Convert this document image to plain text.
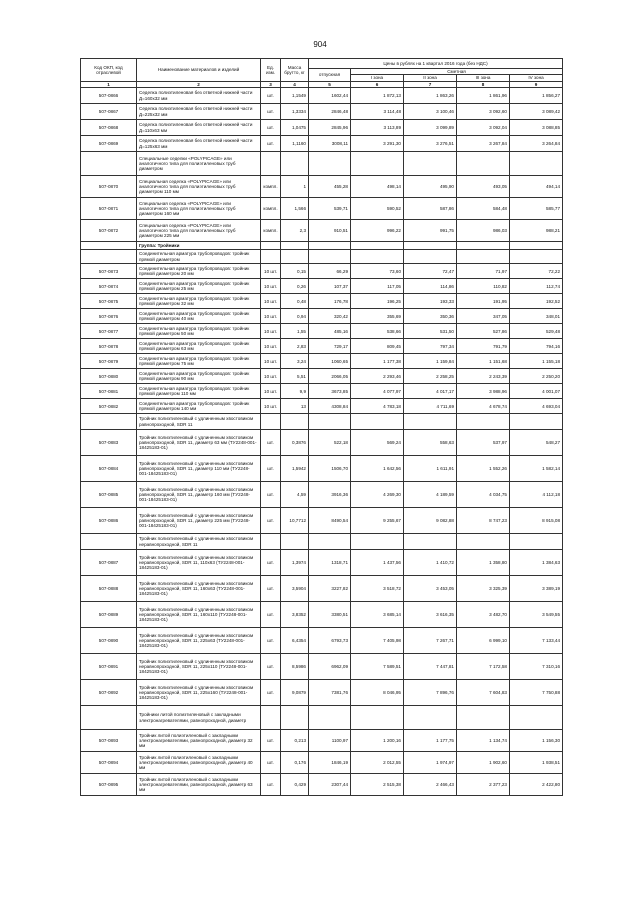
904
Код ОКП, код отраслевой	Наименование материалов и изделий	Ед. изм.	Масса брутто, кг	Цены в рублях на 1 квартал 2016 года (без НДС)				
				отпускная	Сметная			
					I зона	II зона	III зона	IV зона
1	2	3	4	5	6	7	8	9
507-0866	Седелка полиэтиленовая без ответной нижней части Д=160х32 мм	шт.	1,1549	1602,44	1 872,13	1 863,26	1 861,96	1 856,27
507-0867	Седелка полиэтиленовая без ответной нижней части Д=225х32 мм	шт.	1,3334	2846,48	3 114,48	3 100,46	3 092,60	3 089,42
507-0868	Седелка полиэтиленовая без ответной нижней части Д=110х63 мм	шт.	1,0475	2845,96	3 113,89	3 099,89	3 092,04	3 088,85
507-0869	Седелка полиэтиленовая без ответной нижней части Д=125х63 мм	шт.	1,1160	3008,11	3 291,30	3 276,51	3 267,84	3 264,84
	Специальные седелки «POLYPICAGE» или аналогичного типа для полиэтиленовых труб диаметром							
507-0870	Специальная седелка «POLYPICAGE» или аналогичного типа для полиэтиленовых труб диаметром 110 мм	компл.	1	455,28	498,14	495,90	493,05	494,14
507-0871	Специальная седелка «POLYPICAGE» или аналогичного типа для полиэтиленовых труб диаметром 160 мм	компл.	1,566	539,71	590,52	587,86	584,48	585,77
507-0872	Специальная седелка «POLYPICAGE» или аналогичного типа для полиэтиленовых труб диаметром 225 мм	компл.	2,3	910,51	996,22	991,75	986,03	988,21
	Группа: Тройники							
	Соединительная арматура трубопроводов: тройник прямой диаметром							
507-0873	Соединительная арматура трубопроводов: тройник прямой диаметром 20 мм	10 шт.	0,15	66,29	73,60	72,47	71,97	72,22
507-0874	Соединительная арматура трубопроводов: тройник прямой диаметром 25 мм	10 шт.	0,26	107,37	117,05	114,86	110,82	112,74
507-0875	Соединительная арматура трубопроводов: тройник прямой диаметром 32 мм	10 шт.	0,48	176,78	196,25	193,33	191,95	192,52
507-0876	Соединительная арматура трубопроводов: тройник прямой диаметром 40 мм	10 шт.	0,94	320,42	355,69	350,36	347,05	348,01
507-0877	Соединительная арматура трубопроводов: тройник прямой диаметром 50 мм	10 шт.	1,55	485,16	538,66	531,50	527,86	529,48
507-0878	Соединительная арматура трубопроводов: тройник прямой диаметром 63 мм	10 шт.	2,83	729,17	809,45	797,34	791,79	794,16
507-0879	Соединительная арматура трубопроводов: тройник прямой диаметром 75 мм	10 шт.	3,24	1060,65	1 177,38	1 159,84	1 151,68	1 155,18
507-0880	Соединительная арматура трубопроводов: тройник прямой диаметром 90 мм	10 шт.	5,51	2066,05	2 293,46	2 258,25	2 243,39	2 250,20
507-0881	Соединительная арматура трубопроводов: тройник прямой диаметром 110 мм	10 шт.	9,9	3673,85	4 077,97	4 017,17	3 988,96	4 001,07
507-0882	Соединительная арматура трубопроводов: тройник прямой диаметром 140 мм	10 шт.	13	4308,84	4 783,18	4 711,69	4 678,74	4 693,04
	Тройник полиэтиленовый с удлиненным хвостовиком равнопроходной, SDR 11							
507-0883	Тройник полиэтиленовый с удлиненным хвостовиком равнопроходной, SDR 11, диаметр 63 мм (ТУ2248-001-18425183-01)	шт.	0,3876	522,18	569,24	558,63	537,97	548,27
507-0884	Тройник полиэтиленовый с удлиненным хвостовиком равнопроходной, SDR 11, диаметр 110 мм (ТУ2248-001-18425183-01)	шт.	1,5942	1506,70	1 642,56	1 611,91	1 552,26	1 582,14
507-0885	Тройник полиэтиленовый с удлиненным хвостовиком равнопроходной, SDR 11, диаметр 160 мм (ТУ2248-001-18425183-01)	шт.	4,59	3916,36	4 269,30	4 189,59	4 034,75	4 112,18
507-0886	Тройник полиэтиленовый с удлиненным хвостовиком равнопроходной, SDR 11, диаметр 225 мм (ТУ2248-001-18425183-01)	шт.	10,7712	8490,54	9 255,67	9 082,88	8 747,23	8 915,08
	Тройник полиэтиленовый с удлиненным хвостовиком неравнопроходной, SDR 11							
507-0887	Тройник полиэтиленовый с удлиненным хвостовиком неравнопроходной, SDR 11, 110х63 (ТУ2248-001-18425183-01)	шт.	1,3974	1318,71	1 437,56	1 410,72	1 358,80	1 384,63
507-0888	Тройник полиэтиленовый с удлиненным хвостовиком неравнопроходной, SDR 11, 160х63 (ТУ2248-001-18425183-01)	шт.	3,5904	3227,82	3 518,72	3 453,05	3 325,39	3 389,19
507-0889	Тройник полиэтиленовый с удлиненным хвостовиком неравнопроходной, SDR 11, 160х110 (ТУ2248-001-18425183-01)	шт.	3,8352	3380,51	3 685,14	3 616,35	3 482,70	3 549,55
507-0890	Тройник полиэтиленовый с удлиненным хвостовиком неравнопроходной, SDR 11, 225х63 (ТУ2248-001-18425183-01)	шт.	6,4354	6793,73	7 405,98	7 267,71	6 999,10	7 133,44
507-0891	Тройник полиэтиленовый с удлиненным хвостовиком неравнопроходной, SDR 11, 225х110 (ТУ2248-001-18425183-01)	шт.	8,5986	6962,09	7 589,51	7 447,81	7 172,58	7 310,16
507-0892	Тройник полиэтиленовый с удлиненным хвостовиком неравнопроходной, SDR 11, 225х160 (ТУ2248-001-18425183-01)	шт.	9,0879	7381,76	8 046,95	7 896,76	7 604,83	7 750,88
	Тройники литой полиэтиленовый с закладными электронагревателями, равнопроходной, диаметр							
507-0893	Тройник литой полиэтиленовый с закладными электронагревателями, равнопроходной, диаметр 32 мм	шт.	0,213	1100,97	1 200,16	1 177,75	1 134,74	1 156,30
507-0894	Тройник литой полиэтиленовый с закладными электронагревателями, равнопроходной, диаметр 40 мм	шт.	0,176	1846,19	2 012,55	1 974,97	1 902,60	1 938,51
507-0895	Тройник литой полиэтиленовый с закладными электронагревателями, равнопроходной, диаметр 63 мм	шт.	0,429	2307,44	2 515,38	2 466,43	2 377,23	2 422,80
